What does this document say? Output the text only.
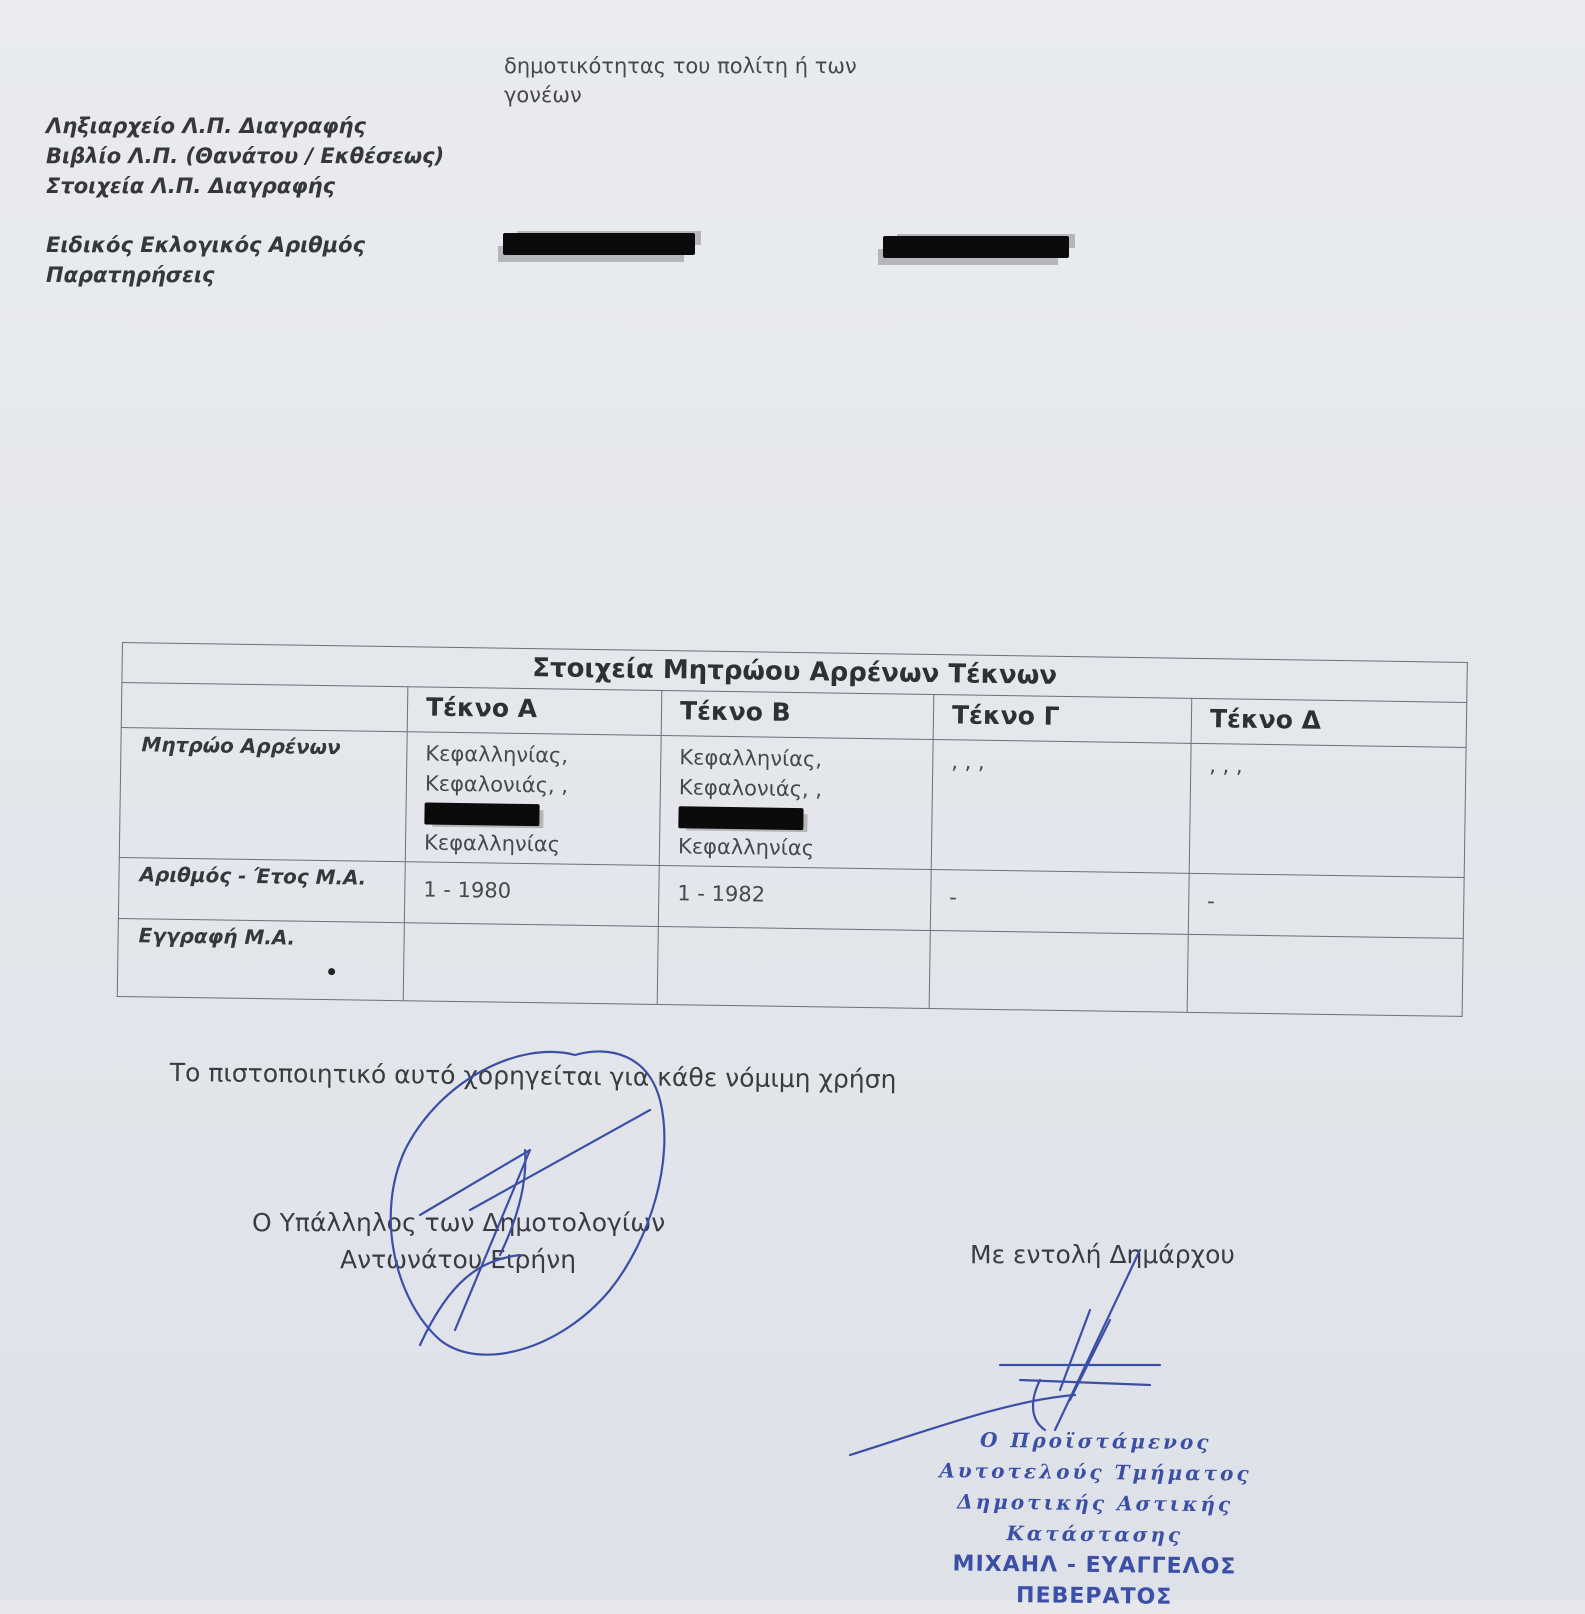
δημοτικότητας του πολίτη ή των γονέων
Ληξιαρχείο Λ.Π. Διαγραφής
Βιβλίο Λ.Π. (Θανάτου / Εκθέσεως)
Στοιχεία Λ.Π. Διαγραφής
Ειδικός Εκλογικός Αριθμός
Παρατηρήσεις
Στοιχεία Μητρώου Αρρένων Τέκνων				
	Τέκνο Α	Τέκνο Β	Τέκνο Γ	Τέκνο Δ
Μητρώο Αρρένων	Κεφαλληνίας,
Κεφαλονιάς, ,
Κεφαλληνίας	Κεφαλληνίας,
Κεφαλονιάς, ,
Κεφαλληνίας	, , ,	, , ,

Αριθμός - Έτος Μ.Α.	1 - 1980	1 - 1982	-	-
Εγγραφή Μ.Α.

Το πιστοποιητικό αυτό χορηγείται για κάθε νόμιμη χρήση
Ο Υπάλληλος των Δημοτολογίων
Αντωνάτου Ειρήνη	Με εντολή Δημάρχου
Ο Προϊστάμενος
Αυτοτελούς Τμήματος
Δημοτικής Αστικής Κατάστασης
ΜΙΧΑΗΛ - ΕΥΑΓΓΕΛΟΣ ΠΕΒΕΡΑΤΟΣ
